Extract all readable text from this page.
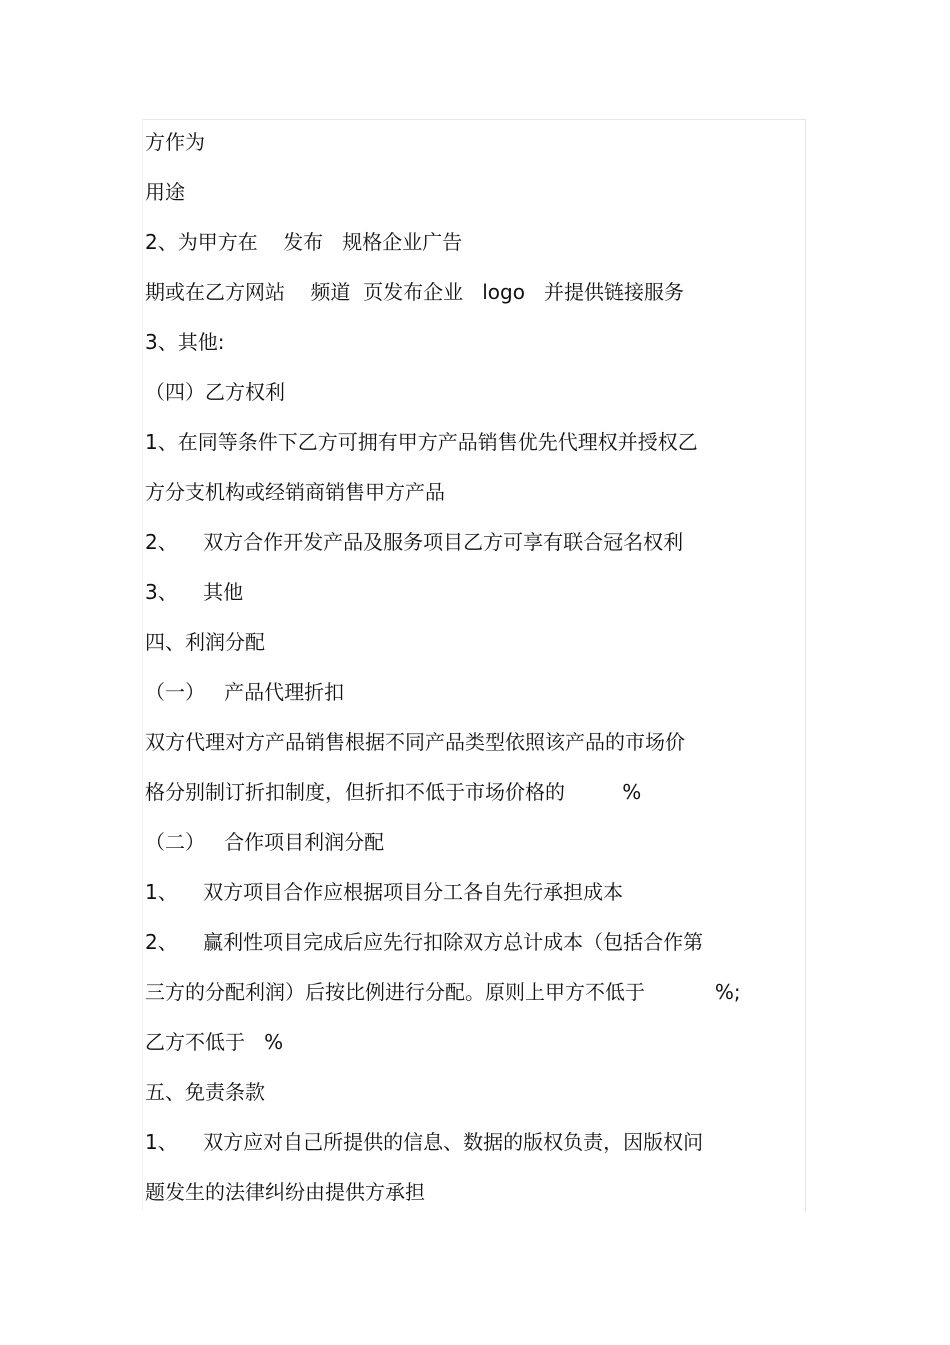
方作为
用途
2、为甲方在    发布   规格企业广告
期或在乙方网站    频道  页发布企业   logo   并提供链接服务
3、其他:
（四）乙方权利
1、在同等条件下乙方可拥有甲方产品销售优先代理权并授权乙
方分支机构或经销商销售甲方产品
2、    双方合作开发产品及服务项目乙方可享有联合冠名权利
3、    其他
四、利润分配
（一）   产品代理折扣
双方代理对方产品销售根据不同产品类型依照该产品的市场价
格分别制订折扣制度，但折扣不低于市场价格的         %
（二）   合作项目利润分配
1、    双方项目合作应根据项目分工各自先行承担成本
2、    赢利性项目完成后应先行扣除双方总计成本（包括合作第
三方的分配利润）后按比例进行分配。原则上甲方不低于           %;
乙方不低于   %
五、免责条款
1、    双方应对自己所提供的信息、数据的版权负责，因版权问
题发生的法律纠纷由提供方承担
